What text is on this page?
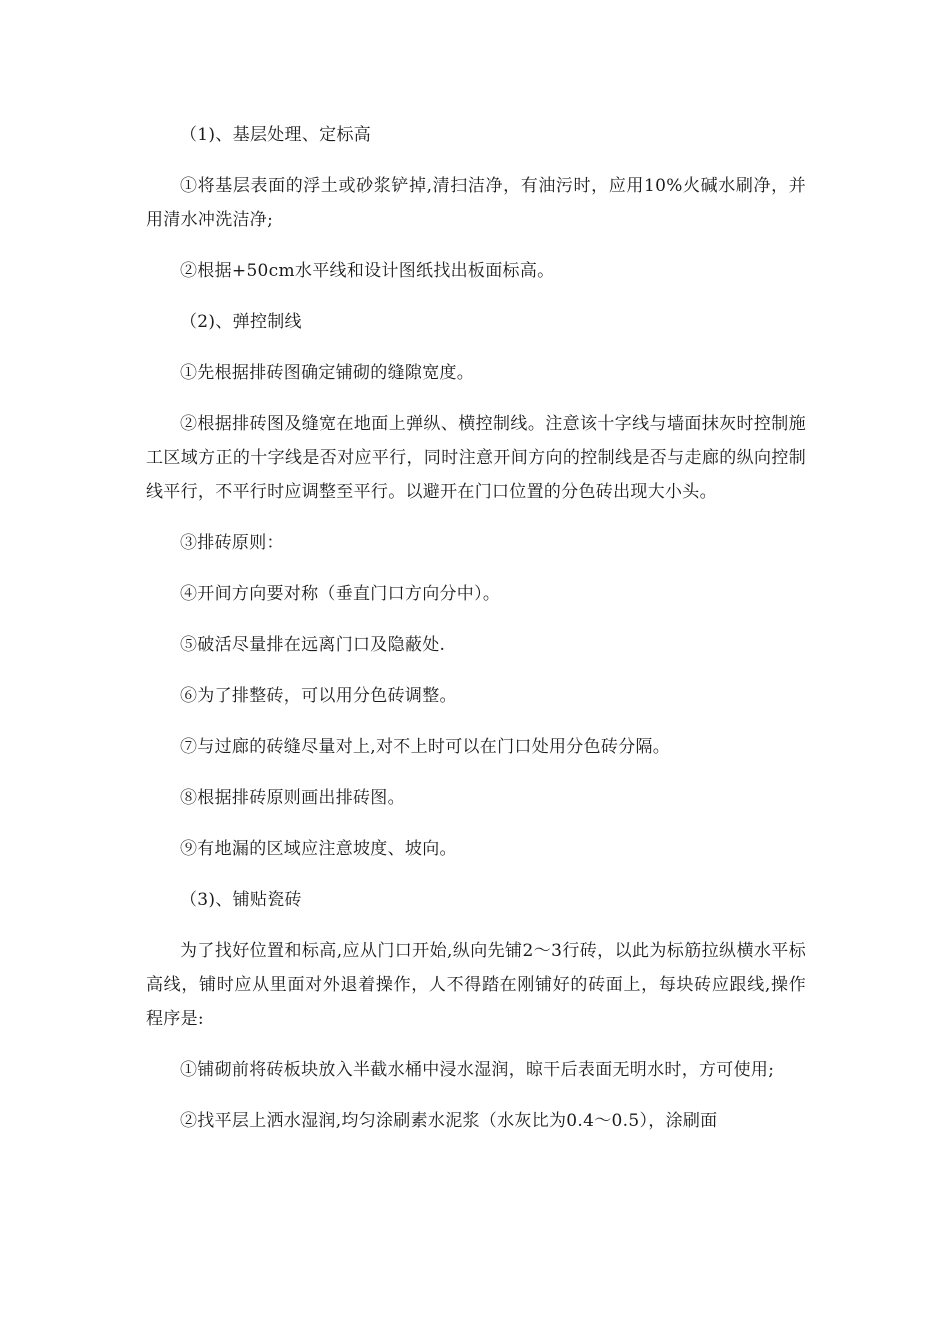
（1)、基层处理、定标高

①将基层表面的浮土或砂浆铲掉,清扫洁净，有油污时，应用10%火碱水刷净，并用清水冲洗洁净;

②根据+50cm水平线和设计图纸找出板面标高。

（2)、弹控制线

①先根据排砖图确定铺砌的缝隙宽度。

②根据排砖图及缝宽在地面上弹纵、横控制线。注意该十字线与墙面抹灰时控制施工区域方正的十字线是否对应平行，同时注意开间方向的控制线是否与走廊的纵向控制线平行，不平行时应调整至平行。以避开在门口位置的分色砖出现大小头。

③排砖原则：

④开间方向要对称（垂直门口方向分中）。

⑤破活尽量排在远离门口及隐蔽处.

⑥为了排整砖，可以用分色砖调整。

⑦与过廊的砖缝尽量对上,对不上时可以在门口处用分色砖分隔。

⑧根据排砖原则画出排砖图。

⑨有地漏的区域应注意坡度、坡向。

（3)、铺贴瓷砖

为了找好位置和标高,应从门口开始,纵向先铺2～3行砖，以此为标筋拉纵横水平标高线，铺时应从里面对外退着操作，人不得踏在刚铺好的砖面上，每块砖应跟线,操作程序是:

①铺砌前将砖板块放入半截水桶中浸水湿润，晾干后表面无明水时，方可使用;

②找平层上洒水湿润,均匀涂刷素水泥浆（水灰比为0.4～0.5），涂刷面
